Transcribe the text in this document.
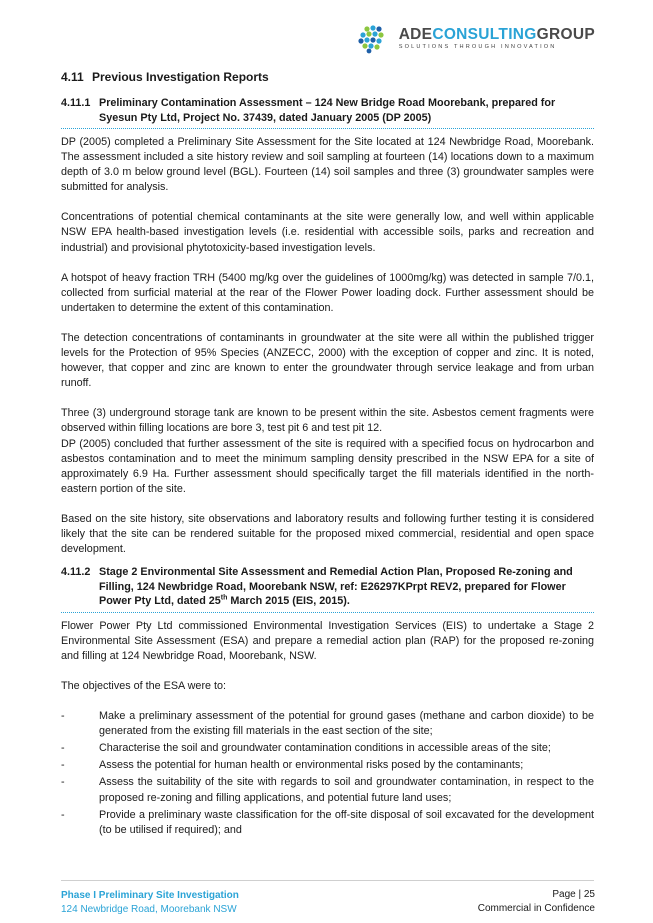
ADECONSULTINGGROUP
SOLUTIONS THROUGH INNOVATION
4.11 Previous Investigation Reports
4.11.1 Preliminary Contamination Assessment – 124 New Bridge Road Moorebank, prepared for Syesun Pty Ltd, Project No. 37439, dated January 2005 (DP 2005)

DP (2005) completed a Preliminary Site Assessment for the Site located at 124 Newbridge Road, Moorebank. The assessment included a site history review and soil sampling at fourteen (14) locations down to a maximum depth of 3.0 m below ground level (BGL). Fourteen (14) soil samples and three (3) groundwater samples were submitted for analysis.

Concentrations of potential chemical contaminants at the site were generally low, and well within applicable NSW EPA health-based investigation levels (i.e. residential with accessible soils, parks and recreation and industrial) and provisional phytotoxicity-based investigation levels.

A hotspot of heavy fraction TRH (5400 mg/kg over the guidelines of 1000mg/kg) was detected in sample 7/0.1, collected from surficial material at the rear of the Flower Power loading dock. Further assessment should be undertaken to determine the extent of this contamination.

The detection concentrations of contaminants in groundwater at the site were all within the published trigger levels for the Protection of 95% Species (ANZECC, 2000) with the exception of copper and zinc. It is noted, however, that copper and zinc are known to enter the groundwater through service leakage and from urban runoff.

Three (3) underground storage tank are known to be present within the site. Asbestos cement fragments were observed within filling locations are bore 3, test pit 6 and test pit 12.

DP (2005) concluded that further assessment of the site is required with a specified focus on hydrocarbon and asbestos contamination and to meet the minimum sampling density prescribed in the NSW EPA for a site of approximately 6.9 Ha. Further assessment should specifically target the fill materials identified in the north-eastern portion of the site.

Based on the site history, site observations and laboratory results and following further testing it is considered likely that the site can be rendered suitable for the proposed mixed commercial, residential and open space development.

4.11.2 Stage 2 Environmental Site Assessment and Remedial Action Plan, Proposed Re-zoning and Filling, 124 Newbridge Road, Moorebank NSW, ref: E26297KPrpt REV2, prepared for Flower Power Pty Ltd, dated 25th March 2015 (EIS, 2015).

Flower Power Pty Ltd commissioned Environmental Investigation Services (EIS) to undertake a Stage 2 Environmental Site Assessment (ESA) and prepare a remedial action plan (RAP) for the proposed re-zoning and filling at 124 Newbridge Road, Moorebank, NSW.

The objectives of the ESA were to:

-	Make a preliminary assessment of the potential for ground gases (methane and carbon dioxide) to be generated from the existing fill materials in the east section of the site;
-	Characterise the soil and groundwater contamination conditions in accessible areas of the site;
-	Assess the potential for human health or environmental risks posed by the contaminants;
-	Assess the suitability of the site with regards to soil and groundwater contamination, in respect to the proposed re-zoning and filling applications, and potential future land uses;
-	Provide a preliminary waste classification for the off-site disposal of soil excavated for the development (to be utilised if required); and
Phase I Preliminary Site Investigation
124 Newbridge Road, Moorebank NSW
Page | 25
Commercial in Confidence
